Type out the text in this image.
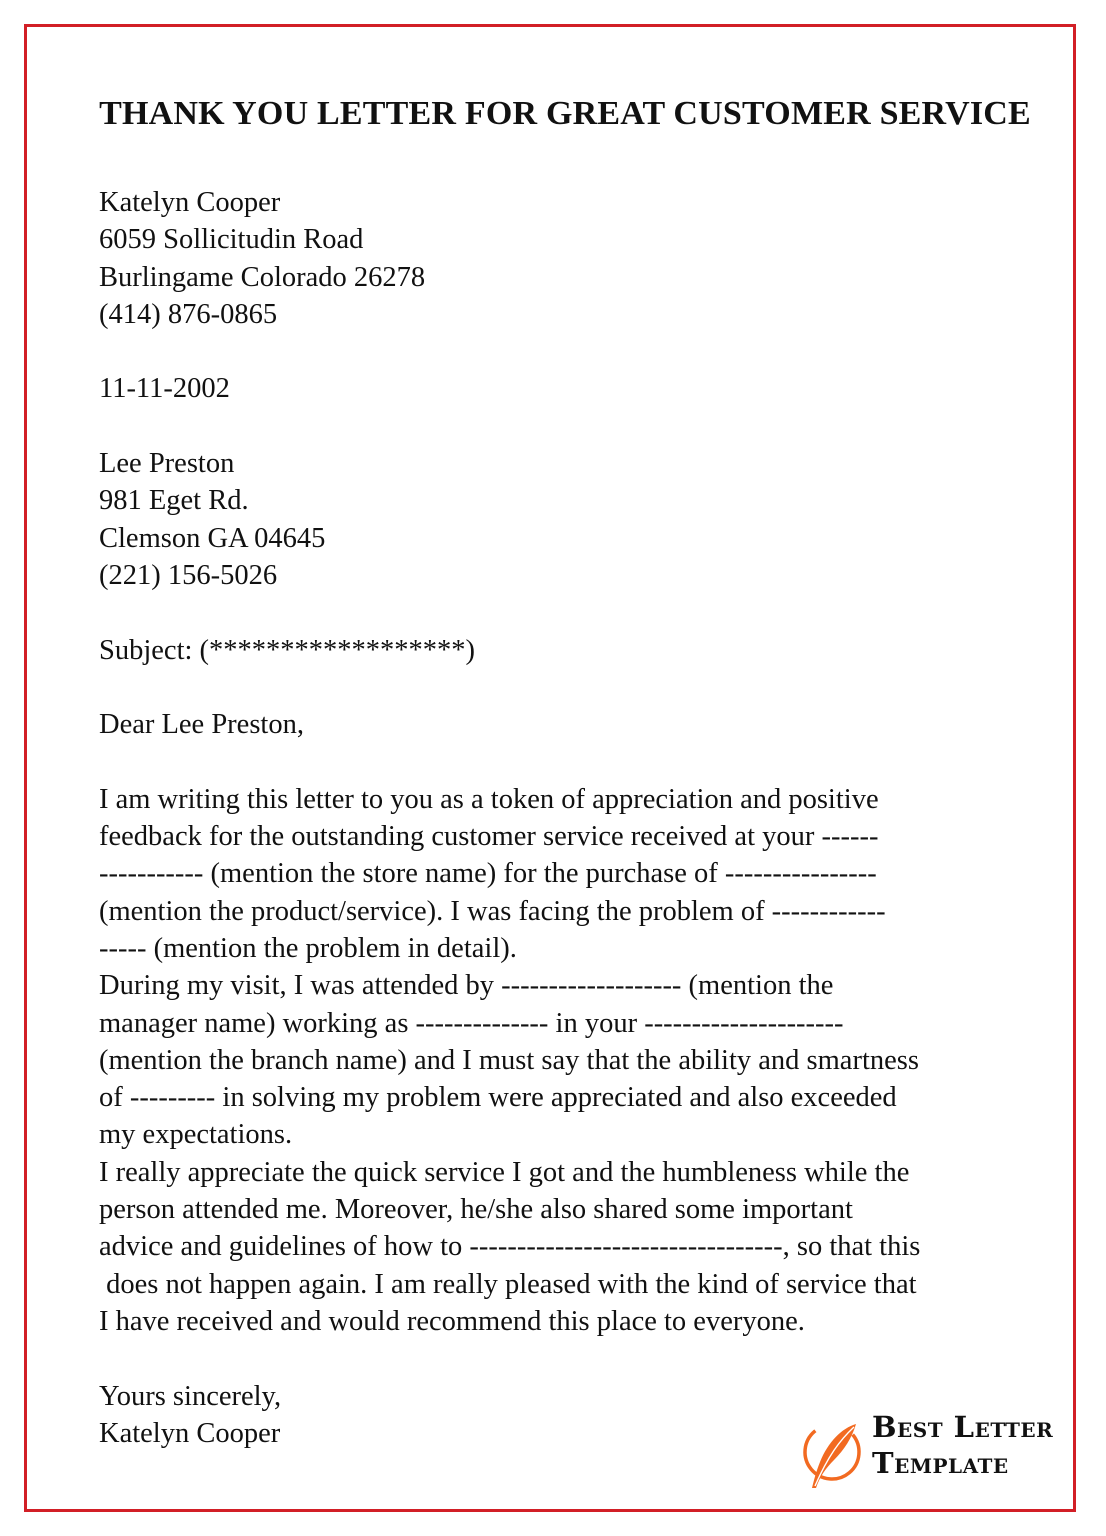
THANK YOU LETTER FOR GREAT CUSTOMER SERVICE
Katelyn Cooper
6059 Sollicitudin Road
Burlingame Colorado 26278
(414) 876-0865
11-11-2002
Lee Preston
981 Eget Rd.
Clemson GA 04645
(221) 156-5026
Subject: (******************)
Dear Lee Preston,
I am writing this letter to you as a token of appreciation and positive
feedback for the outstanding customer service received at your ------
----------- (mention the store name) for the purchase of ----------------
(mention the product/service). I was facing the problem of ------------
----- (mention the problem in detail).
During my visit, I was attended by ------------------- (mention the
manager name) working as -------------- in your ---------------------
(mention the branch name) and I must say that the ability and smartness
of --------- in solving my problem were appreciated and also exceeded
my expectations.
I really appreciate the quick service I got and the humbleness while the
person attended me. Moreover, he/she also shared some important
advice and guidelines of how to ---------------------------------, so that this
does not happen again. I am really pleased with the kind of service that
I have received and would recommend this place to everyone.
Yours sincerely,
Katelyn Cooper	Best Letter
Template
